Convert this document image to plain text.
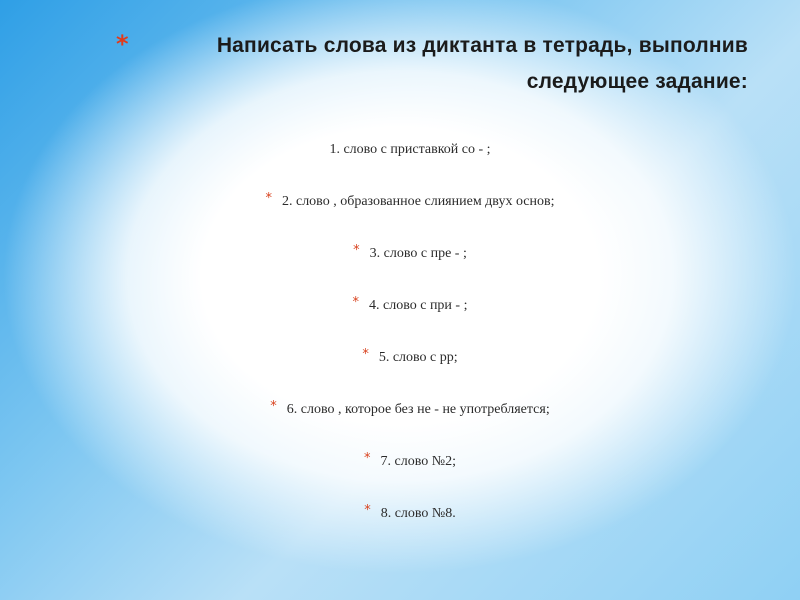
*	Написать слова из диктанта в тетрадь, выполнив
следующее задание:
1. слово с приставкой со - ;
* 2. слово , образованное слиянием двух основ;
* 3. слово с пре - ;
* 4. слово с при - ;
* 5. слово с рр;
* 6. слово , которое без не - не употребляется;
* 7. слово №2;
* 8. слово №8.
